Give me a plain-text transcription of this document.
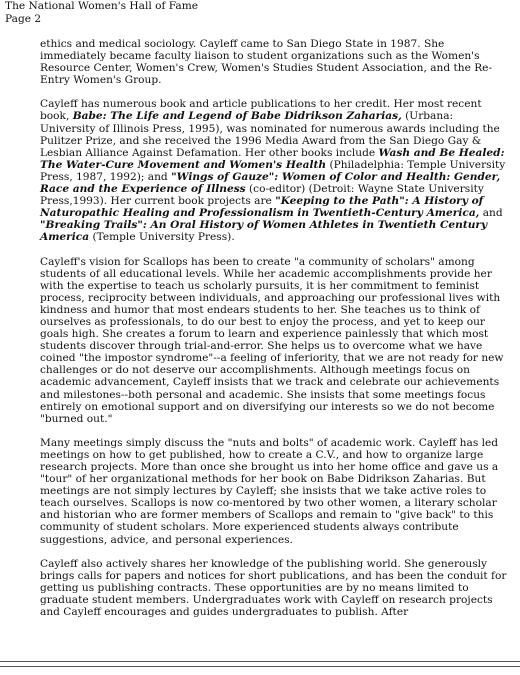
The National Women's Hall of Fame
Page 2

ethics and medical sociology. Cayleff came to San Diego State in 1987. She immediately became faculty liaison to student organizations such as the Women's Resource Center, Women's Crew, Women's Studies Student Association, and the Re-Entry Women's Group.

Cayleff has numerous book and article publications to her credit. Her most recent book, Babe: The Life and Legend of Babe Didrikson Zaharias, (Urbana: University of Illinois Press, 1995), was nominated for numerous awards including the Pulitzer Prize, and she received the 1996 Media Award from the San Diego Gay & Lesbian Alliance Against Defamation. Her other books include Wash and Be Healed: The Water-Cure Movement and Women's Health (Philadelphia: Temple University Press, 1987, 1992); and "Wings of Gauze": Women of Color and Health: Gender, Race and the Experience of Illness (co-editor) (Detroit: Wayne State University Press,1993). Her current book projects are "Keeping to the Path": A History of Naturopathic Healing and Professionalism in Twentieth-Century America, and "Breaking Trails": An Oral History of Women Athletes in Twentieth Century America (Temple University Press).

Cayleff's vision for Scallops has been to create "a community of scholars" among students of all educational levels. While her academic accomplishments provide her with the expertise to teach us scholarly pursuits, it is her commitment to feminist process, reciprocity between individuals, and approaching our professional lives with kindness and humor that most endears students to her. She teaches us to think of ourselves as professionals, to do our best to enjoy the process, and yet to keep our goals high. She creates a forum to learn and experience painlessly that which most students discover through trial-and-error. She helps us to overcome what we have coined "the impostor syndrome"--a feeling of inferiority, that we are not ready for new challenges or do not deserve our accomplishments. Although meetings focus on academic advancement, Cayleff insists that we track and celebrate our achievements and milestones--both personal and academic. She insists that some meetings focus entirely on emotional support and on diversifying our interests so we do not become "burned out."

Many meetings simply discuss the "nuts and bolts" of academic work. Cayleff has led meetings on how to get published, how to create a C.V., and how to organize large research projects. More than once she brought us into her home office and gave us a "tour" of her organizational methods for her book on Babe Didrikson Zaharias. But meetings are not simply lectures by Cayleff; she insists that we take active roles to teach ourselves. Scallops is now co-mentored by two other women, a literary scholar and historian who are former members of Scallops and remain to "give back" to this community of student scholars. More experienced students always contribute suggestions, advice, and personal experiences.

Cayleff also actively shares her knowledge of the publishing world. She generously brings calls for papers and notices for short publications, and has been the conduit for getting us publishing contracts. These opportunities are by no means limited to graduate student members. Undergraduates work with Cayleff on research projects and Cayleff encourages and guides undergraduates to publish. After
